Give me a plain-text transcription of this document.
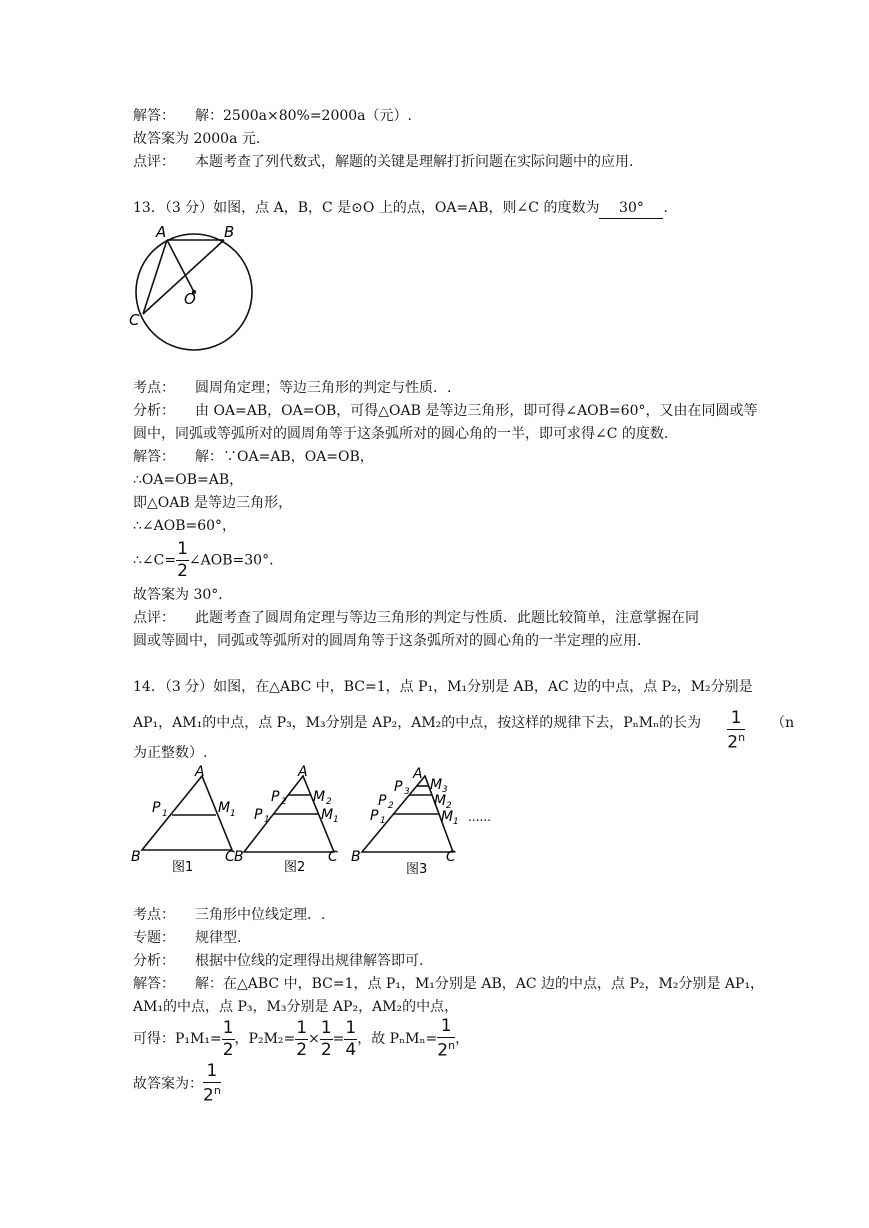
解答： 解：2500a×80%=2000a（元）.
故答案为 2000a 元.
点评： 本题考查了列代数式，解题的关键是理解打折问题在实际问题中的应用.
13．（3 分）如图，点 A，B，C 是⊙O 上的点，OA=AB，则∠C 的度数为 30° .
A	B
O
C
考点： 圆周角定理；等边三角形的判定与性质．.
分析： 由 OA=AB，OA=OB，可得△OAB 是等边三角形，即可得∠AOB=60°，又由在同圆或等
圆中，同弧或等弧所对的圆周角等于这条弧所对的圆心角的一半，即可求得∠C 的度数.
解答： 解：∵OA=AB，OA=OB，
∴OA=OB=AB，
即△OAB 是等边三角形，
∴∠AOB=60°，
∴∠C= $\frac{1}{2}$ ∠AOB=30°．
故答案为 30°．
点评： 此题考查了圆周角定理与等边三角形的判定与性质．此题比较简单，注意掌握在同
圆或等圆中，同弧或等弧所对的圆周角等于这条弧所对的圆心角的一半定理的应用.
14．（3 分）如图，在△ABC 中，BC=1，点 P₁，M₁分别是 AB，AC 边的中点，点 P₂，M₂分别是
AP₁，AM₁的中点，点 P₃，M₃分别是 AP₂，AM₂的中点，按这样的规律下去，PₙMₙ的长为 $\frac{1}{2^n} (n$
为正整数）.
A
P 1	M 1
B	C
图1
A
P 2 M 2
P 1	M 1
B	C
图2
A
P 3 M 3
P 2	M 2
P 1	M 1
B	C
图3
......
考点： 三角形中位线定理．.
专题： 规律型.
分析： 根据中位线的定理得出规律解答即可.
解答： 解：在△ABC 中，BC=1，点 P₁，M₁分别是 AB，AC 边的中点，点 P₂，M₂分别是 AP₁，
AM₁的中点，点 P₃，M₃分别是 AP₂，AM₂的中点，
可得：$P_1M_1= \frac{1}{2}$ ，$P_2M_2= \frac{1}{2} \times \frac{1}{2} = \frac{1}{4}$ ，故 $P_nM_n= \frac{1}{2^n}$ ，
故答案为： $\frac{1}{2^n}$
